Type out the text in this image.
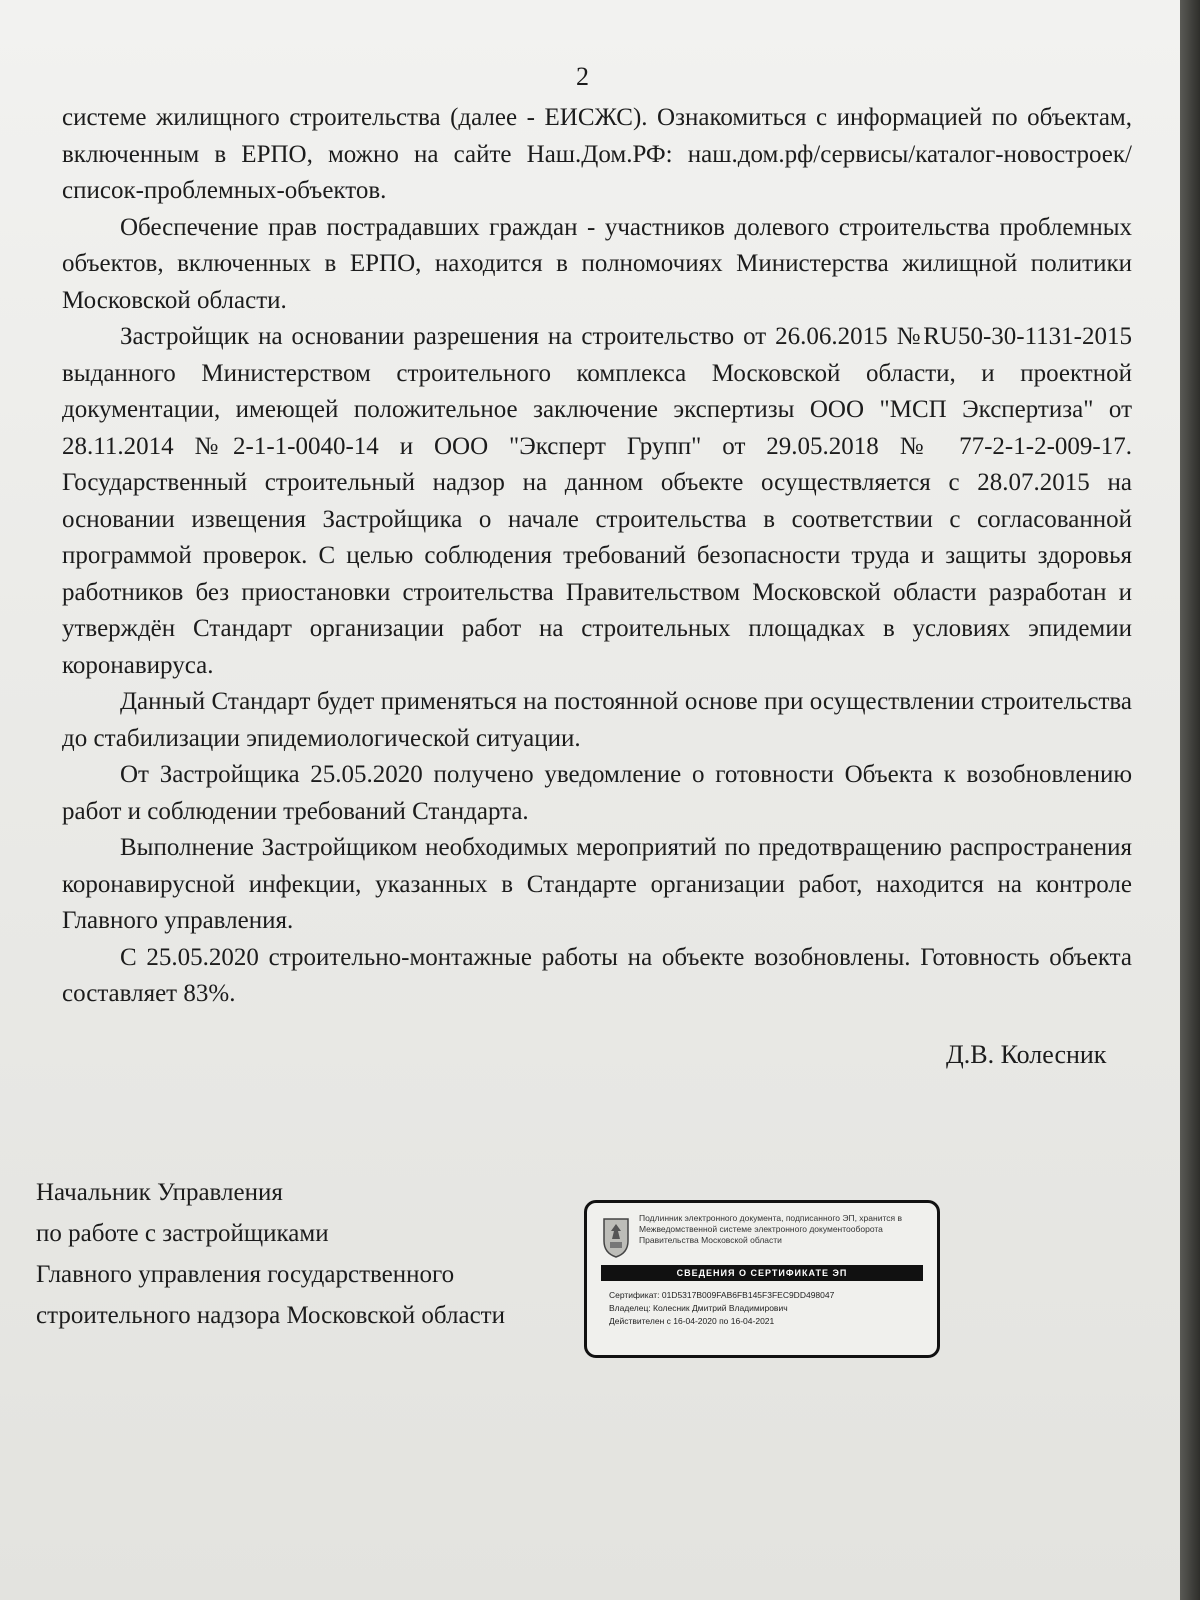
2

системе жилищного строительства (далее - ЕИСЖС). Ознакомиться с информацией по объектам, включенным в ЕРПО, можно на сайте Наш.Дом.РФ: наш.дом.рф/сервисы/каталог-новостроек/список-проблемных-объектов.

Обеспечение прав пострадавших граждан - участников долевого строительства проблемных объектов, включенных в ЕРПО, находится в полномочиях Министерства жилищной политики Московской области.

Застройщик на основании разрешения на строительство от 26.06.2015 №RU50-30-1131-2015 выданного Министерством строительного комплекса Московской области, и проектной документации, имеющей положительное заключение экспертизы ООО "МСП Экспертиза" от 28.11.2014 №2-1-1-0040-14 и ООО "Эксперт Групп" от 29.05.2018 № 77-2-1-2-009-17. Государственный строительный надзор на данном объекте осуществляется с 28.07.2015 на основании извещения Застройщика о начале строительства в соответствии с согласованной программой проверок. С целью соблюдения требований безопасности труда и защиты здоровья работников без приостановки строительства Правительством Московской области разработан и утверждён Стандарт организации работ на строительных площадках в условиях эпидемии коронавируса.

Данный Стандарт будет применяться на постоянной основе при осуществлении строительства до стабилизации эпидемиологической ситуации.

От Застройщика 25.05.2020 получено уведомление о готовности Объекта к возобновлению работ и соблюдении требований Стандарта.

Выполнение Застройщиком необходимых мероприятий по предотвращению распространения коронавирусной инфекции, указанных в Стандарте организации работ, находится на контроле Главного управления.

С 25.05.2020 строительно-монтажные работы на объекте возобновлены. Готовность объекта составляет 83%.

Начальник Управления
по работе с застройщиками
Главного управления государственного
строительного надзора Московской области
Подлинник электронного документа, подписанного ЭП, хранится в Межведомственной системе электронного документооборота Правительства Московской области
СВЕДЕНИЯ О СЕРТИФИКАТЕ ЭП
Сертификат: 01D5317B009FAB6FB145F3FEC9DD498047
Владелец: Колесник Дмитрий Владимирович
Действителен с 16-04-2020 по 16-04-2021
Д.В. Колесник
